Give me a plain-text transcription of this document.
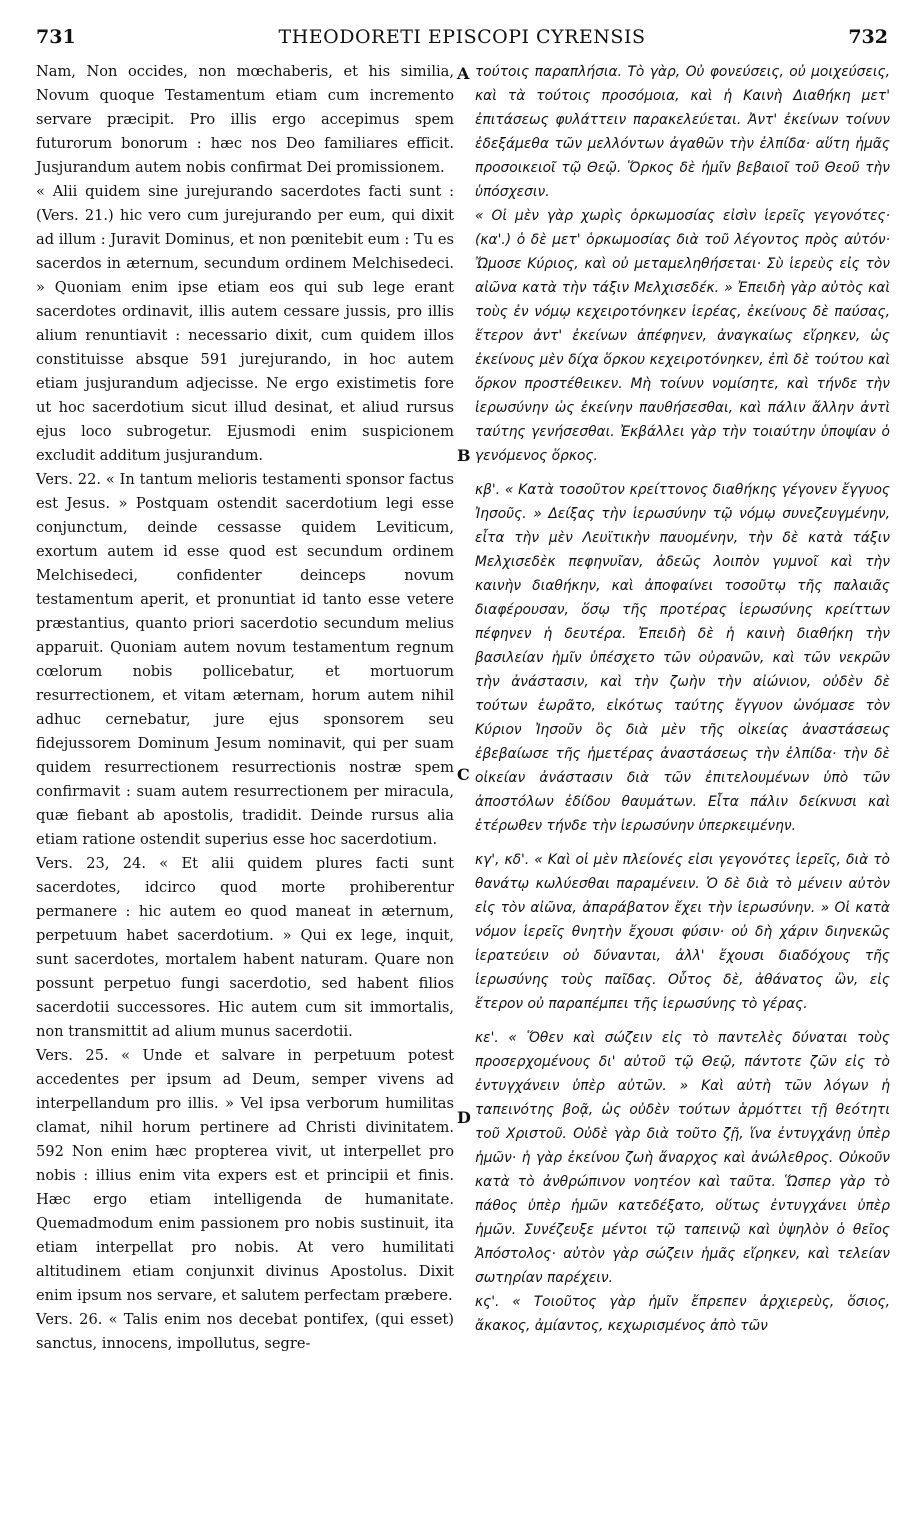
731	THEODORETI EPISCOPI CYRENSIS	732

Nam, Non occides, non mœchaberis, et his similia, Novum quoque Testamentum etiam cum incremento servare præcipit. Pro illis ergo accepimus spem futurorum bonorum : hæc nos Deo familiares efficit. Jusjurandum autem nobis confirmat Dei promissionem.

« Alii quidem sine jurejurando sacerdotes facti sunt : (Vers. 21.) hic vero cum jurejurando per eum, qui dixit ad illum : Juravit Dominus, et non pœnitebit eum : Tu es sacerdos in æternum, secundum ordinem Melchisedeci. » Quoniam enim ipse etiam eos qui sub lege erant sacerdotes ordinavit, illis autem cessare jussis, pro illis alium renuntiavit : necessario dixit, cum quidem illos constituisse absque 591 jurejurando, in hoc autem etiam jusjurandum adjecisse. Ne ergo existimetis fore ut hoc sacerdotium sicut illud desinat, et aliud rursus ejus loco subrogetur. Ejusmodi enim suspicionem excludit additum jusjurandum.

Vers. 22. « In tantum melioris testamenti sponsor factus est Jesus. » Postquam ostendit sacerdotium legi esse conjunctum, deinde cessasse quidem Leviticum, exortum autem id esse quod est secundum ordinem Melchisedeci, confidenter deinceps novum testamentum aperit, et pronuntiat id tanto esse vetere præstantius, quanto priori sacerdotio secundum melius apparuit. Quoniam autem novum testamentum regnum cœlorum nobis pollicebatur, et mortuorum resurrectionem, et vitam æternam, horum autem nihil adhuc cernebatur, jure ejus sponsorem seu fidejussorem Dominum Jesum nominavit, qui per suam quidem resurrectionem resurrectionis nostræ spem confirmavit : suam autem resurrectionem per miracula, quæ fiebant ab apostolis, tradidit. Deinde rursus alia etiam ratione ostendit superius esse hoc sacerdotium.

Vers. 23, 24. « Et alii quidem plures facti sunt sacerdotes, idcirco quod morte prohiberentur permanere : hic autem eo quod maneat in æternum, perpetuum habet sacerdotium. » Qui ex lege, inquit, sunt sacerdotes, mortalem habent naturam. Quare non possunt perpetuo fungi sacerdotio, sed habent filios sacerdotii successores. Hic autem cum sit immortalis, non transmittit ad alium munus sacerdotii.

Vers. 25. « Unde et salvare in perpetuum potest accedentes per ipsum ad Deum, semper vivens ad interpellandum pro illis. » Vel ipsa verborum humilitas clamat, nihil horum pertinere ad Christi divinitatem. 592 Non enim hæc propterea vivit, ut interpellet pro nobis : illius enim vita expers est et principii et finis. Hæc ergo etiam intelligenda de humanitate. Quemadmodum enim passionem pro nobis sustinuit, ita etiam interpellat pro nobis. At vero humilitati altitudinem etiam conjunxit divinus Apostolus. Dixit enim ipsum nos servare, et salutem perfectam præbere.

Vers. 26. « Talis enim nos decebat pontifex, (qui esset) sanctus, innocens, impollutus, segre-

A
B
C
D

τούτοις παραπλήσια. Τὸ γὰρ, Οὐ φονεύσεις, οὐ μοιχεύσεις, καὶ τὰ τούτοις προσόμοια, καὶ ἡ Καινὴ Διαθήκη μετ' ἐπιτάσεως φυλάττειν παρακελεύεται. Ἀντ' ἐκείνων τοίνυν ἐδεξάμεθα τῶν μελλόντων ἀγαθῶν τὴν ἐλπίδα· αὕτη ἡμᾶς προσοικειοῖ τῷ Θεῷ. Ὅρκος δὲ ἡμῖν βεβαιοῖ τοῦ Θεοῦ τὴν ὑπόσχεσιν.

« Οἱ μὲν γὰρ χωρὶς ὁρκωμοσίας εἰσὶν ἱερεῖς γεγονότες· (κα'.) ὁ δὲ μετ' ὁρκωμοσίας διὰ τοῦ λέγοντος πρὸς αὐτόν· Ὤμοσε Κύριος, καὶ οὐ μεταμεληθήσεται· Σὺ ἱερεὺς εἰς τὸν αἰῶνα κατὰ τὴν τάξιν Μελχισεδέκ. » Ἐπειδὴ γὰρ αὐτὸς καὶ τοὺς ἐν νόμῳ κεχειροτόνηκεν ἱερέας, ἐκείνους δὲ παύσας, ἕτερον ἀντ' ἐκείνων ἀπέφηνεν, ἀναγκαίως εἴρηκεν, ὡς ἐκείνους μὲν δίχα ὅρκου κεχειροτόνηκεν, ἐπὶ δὲ τούτου καὶ ὅρκον προστέθεικεν. Μὴ τοίνυν νομίσητε, καὶ τήνδε τὴν ἱερωσύνην ὡς ἐκείνην παυθήσεσθαι, καὶ πάλιν ἄλλην ἀντὶ ταύτης γενήσεσθαι. Ἐκβάλλει γὰρ τὴν τοιαύτην ὑποψίαν ὁ γενόμενος ὅρκος.

κβ'. « Κατὰ τοσοῦτον κρείττονος διαθήκης γέγονεν ἔγγυος Ἰησοῦς. » Δείξας τὴν ἱερωσύνην τῷ νόμῳ συνεζευγμένην, εἶτα τὴν μὲν Λευϊτικὴν παυομένην, τὴν δὲ κατὰ τάξιν Μελχισεδὲκ πεφηνυῖαν, ἀδεῶς λοιπὸν γυμνοῖ καὶ τὴν καινὴν διαθήκην, καὶ ἀποφαίνει τοσοῦτῳ τῆς παλαιᾶς διαφέρουσαν, ὅσῳ τῆς προτέρας ἱερωσύνης κρείττων πέφηνεν ἡ δευτέρα. Ἐπειδὴ δὲ ἡ καινὴ διαθήκη τὴν βασιλείαν ἡμῖν ὑπέσχετο τῶν οὐρανῶν, καὶ τῶν νεκρῶν τὴν ἀνάστασιν, καὶ τὴν ζωὴν τὴν αἰώνιον, οὐδὲν δὲ τούτων ἑωρᾶτο, εἰκότως ταύτης ἔγγυον ὠνόμασε τὸν Κύριον Ἰησοῦν ὃς διὰ μὲν τῆς οἰκείας ἀναστάσεως ἐβεβαίωσε τῆς ἡμετέρας ἀναστάσεως τὴν ἐλπίδα· τὴν δὲ οἰκείαν ἀνάστασιν διὰ τῶν ἐπιτελουμένων ὑπὸ τῶν ἀποστόλων ἐδίδου θαυμάτων. Εἶτα πάλιν δείκνυσι καὶ ἑτέρωθεν τήνδε τὴν ἱερωσύνην ὑπερκειμένην.

κγ', κδ'. « Καὶ οἱ μὲν πλείονές εἰσι γεγονότες ἱερεῖς, διὰ τὸ θανάτῳ κωλύεσθαι παραμένειν. Ὁ δὲ διὰ τὸ μένειν αὐτὸν εἰς τὸν αἰῶνα, ἀπαράβατον ἔχει τὴν ἱερωσύνην. » Οἱ κατὰ νόμον ἱερεῖς θνητὴν ἔχουσι φύσιν· οὐ δὴ χάριν διηνεκῶς ἱερατεύειν οὐ δύνανται, ἀλλ' ἔχουσι διαδόχους τῆς ἱερωσύνης τοὺς παῖδας. Οὗτος δὲ, ἀθάνατος ὢν, εἰς ἕτερον οὐ παραπέμπει τῆς ἱερωσύνης τὸ γέρας.

κε'. « Ὅθεν καὶ σώζειν εἰς τὸ παντελὲς δύναται τοὺς προσερχομένους δι' αὐτοῦ τῷ Θεῷ, πάντοτε ζῶν εἰς τὸ ἐντυγχάνειν ὑπὲρ αὐτῶν. » Καὶ αὐτὴ τῶν λόγων ἡ ταπεινότης βοᾷ, ὡς οὐδὲν τούτων ἁρμόττει τῇ θεότητι τοῦ Χριστοῦ. Οὐδὲ γὰρ διὰ τοῦτο ζῇ, ἵνα ἐντυγχάνῃ ὑπὲρ ἡμῶν· ἡ γὰρ ἐκείνου ζωὴ ἄναρχος καὶ ἀνώλεθρος. Οὐκοῦν κατὰ τὸ ἀνθρώπινον νοητέον καὶ ταῦτα. Ὥσπερ γὰρ τὸ πάθος ὑπὲρ ἡμῶν κατεδέξατο, οὕτως ἐντυγχάνει ὑπὲρ ἡμῶν. Συνέζευξε μέντοι τῷ ταπεινῷ καὶ ὑψηλὸν ὁ θεῖος Ἀπόστολος· αὐτὸν γὰρ σώζειν ἡμᾶς εἴρηκεν, καὶ τελείαν σωτηρίαν παρέχειν.

κς'. « Τοιοῦτος γὰρ ἡμῖν ἔπρεπεν ἀρχιερεὺς, ὅσιος, ἄκακος, ἀμίαντος, κεχωρισμένος ἀπὸ τῶν
